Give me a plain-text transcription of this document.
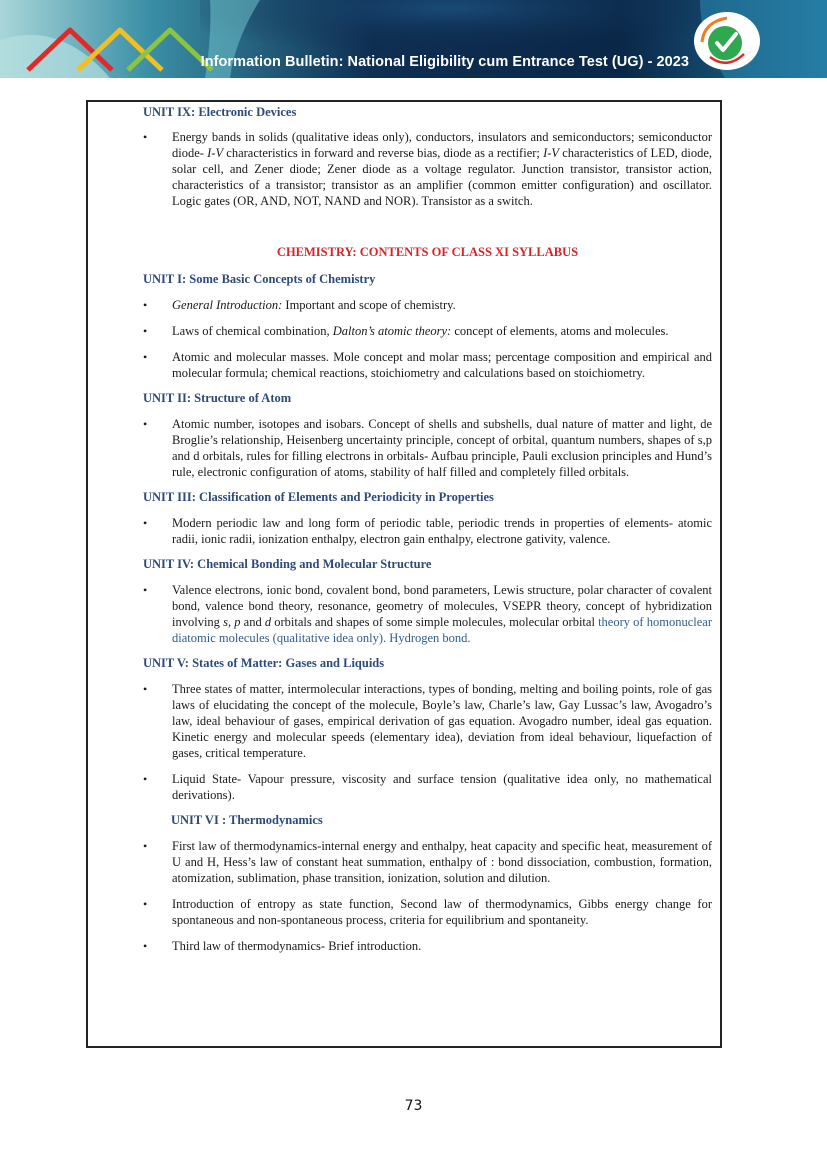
Information Bulletin: National Eligibility cum Entrance Test (UG) - 2023
UNIT IX: Electronic Devices
• Energy bands in solids (qualitative ideas only), conductors, insulators and semiconductors; semiconductor diode- I-V characteristics in forward and reverse bias, diode as a rectifier; I-V characteristics of LED, diode, solar cell, and Zener diode; Zener diode as a voltage regulator. Junction transistor, transistor action, characteristics of a transistor; transistor as an amplifier (common emitter configuration) and oscillator. Logic gates (OR, AND, NOT, NAND and NOR). Transistor as a switch.
CHEMISTRY: CONTENTS OF CLASS XI SYLLABUS
UNIT I: Some Basic Concepts of Chemistry
• General Introduction: Important and scope of chemistry.
• Laws of chemical combination, Dalton’s atomic theory: concept of elements, atoms and molecules.
• Atomic and molecular masses. Mole concept and molar mass; percentage composition and empirical and molecular formula; chemical reactions, stoichiometry and calculations based on stoichiometry.
UNIT II: Structure of Atom
• Atomic number, isotopes and isobars. Concept of shells and subshells, dual nature of matter and light, de Broglie’s relationship, Heisenberg uncertainty principle, concept of orbital, quantum numbers, shapes of s,p and d orbitals, rules for filling electrons in orbitals- Aufbau principle, Pauli exclusion principles and Hund’s rule, electronic configuration of atoms, stability of half filled and completely filled orbitals.
UNIT III: Classification of Elements and Periodicity in Properties
• Modern periodic law and long form of periodic table, periodic trends in properties of elements- atomic radii, ionic radii, ionization enthalpy, electron gain enthalpy, electrone gativity, valence.
UNIT IV: Chemical Bonding and Molecular Structure
• Valence electrons, ionic bond, covalent bond, bond parameters, Lewis structure, polar character of covalent bond, valence bond theory, resonance, geometry of molecules, VSEPR theory, concept of hybridization involving s, p and d orbitals and shapes of some simple molecules, molecular orbital theory of homonuclear diatomic molecules (qualitative idea only). Hydrogen bond.
UNIT V: States of Matter: Gases and Liquids
• Three states of matter, intermolecular interactions, types of bonding, melting and boiling points, role of gas laws of elucidating the concept of the molecule, Boyle’s law, Charle’s law, Gay Lussac’s law, Avogadro’s law, ideal behaviour of gases, empirical derivation of gas equation. Avogadro number, ideal gas equation. Kinetic energy and molecular speeds (elementary idea), deviation from ideal behaviour, liquefaction of gases, critical temperature.
• Liquid State- Vapour pressure, viscosity and surface tension (qualitative idea only, no mathematical derivations).
UNIT VI : Thermodynamics
• First law of thermodynamics-internal energy and enthalpy, heat capacity and specific heat, measurement of U and H, Hess’s law of constant heat summation, enthalpy of : bond dissociation, combustion, formation, atomization, sublimation, phase transition, ionization, solution and dilution.
• Introduction of entropy as state function, Second law of thermodynamics, Gibbs energy change for spontaneous and non-spontaneous process, criteria for equilibrium and spontaneity.
• Third law of thermodynamics- Brief introduction.
73
